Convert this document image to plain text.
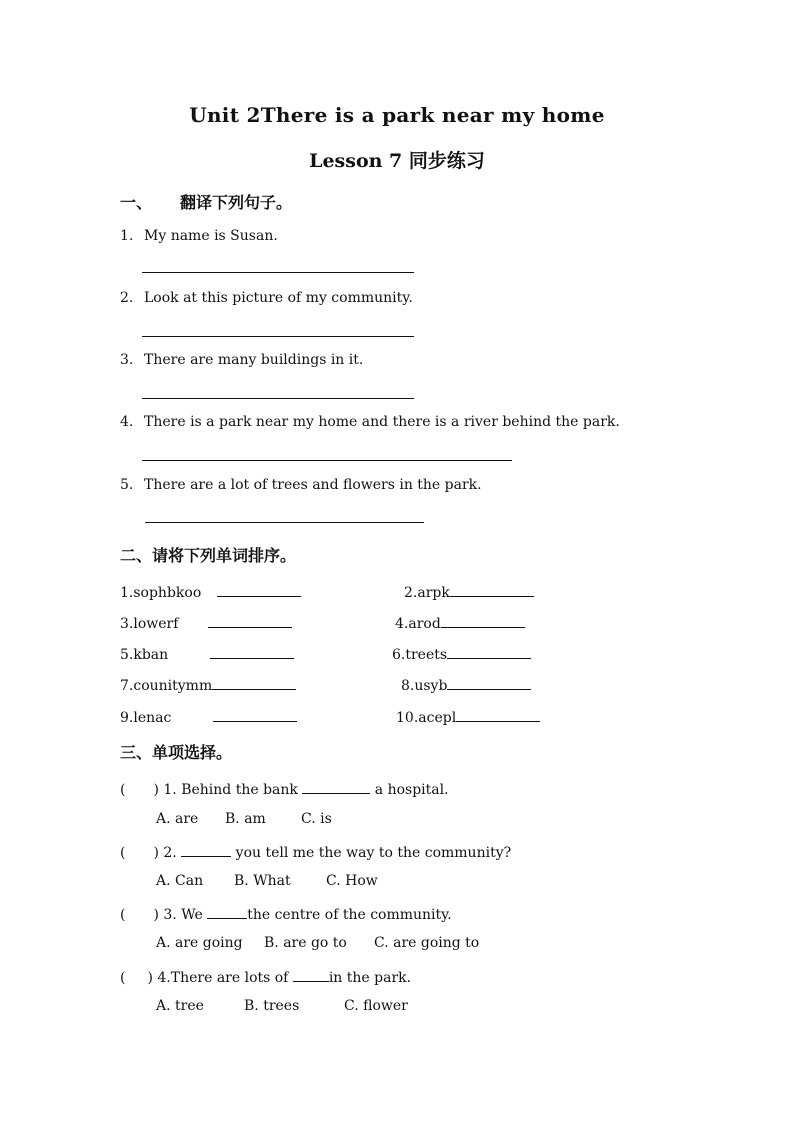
Unit 2There is a park near my home
Lesson 7 同步练习
一、 翻译下列句子。
1. My name is Susan.
2. Look at this picture of my community.
3. There are many buildings in it.
4. There is a park near my home and there is a river behind the park.
5. There are a lot of trees and flowers in the park.
二、请将下列单词排序。
1.sophbkoo	2.arpk
3.lowerf	4.arod
5.kban	6.treets
7.counitymm	8.usyb
9.lenac	10.acepl
三、单项选择。
( ) 1. Behind the bank	a hospital.
A. are B. am	C. is
( ) 2.	you tell me the way to the community?
A. Can B. What	C. How
( ) 3. We	the centre of the community.
A. are going B. are go to C. are going to
( ) 4.There are lots of	in the park.
A. tree	B. trees	C. flower
